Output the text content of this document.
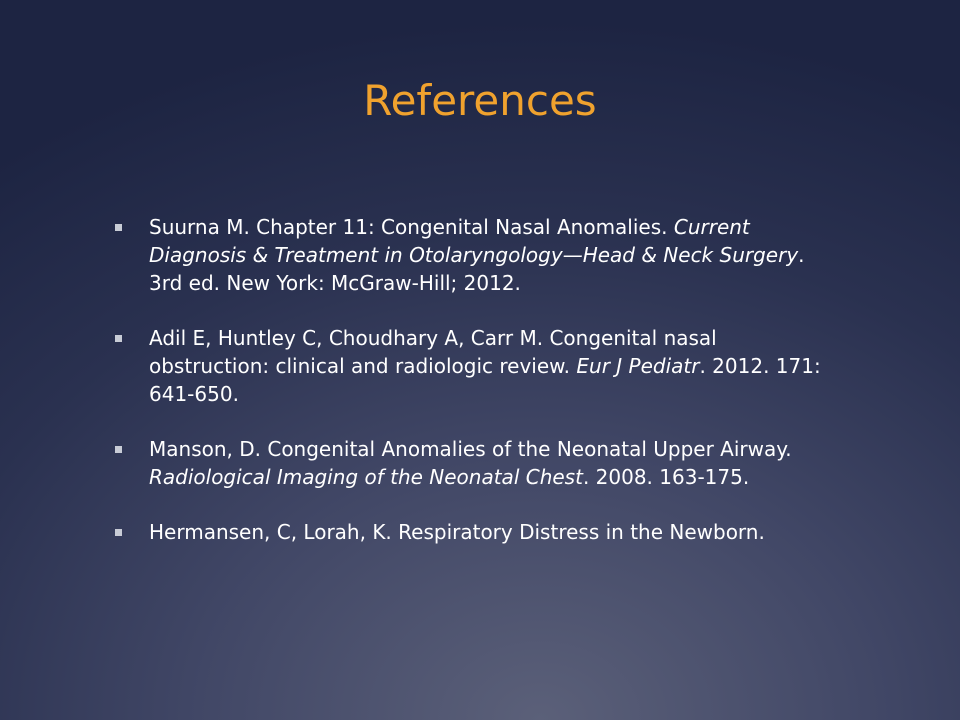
References
Suurna M. Chapter 11: Congenital Nasal Anomalies. Current Diagnosis & Treatment in Otolaryngology—Head & Neck Surgery. 3rd ed. New York: McGraw-Hill; 2012.
Adil E, Huntley C, Choudhary A, Carr M. Congenital nasal obstruction: clinical and radiologic review. Eur J Pediatr. 2012. 171: 641-650.
Manson, D. Congenital Anomalies of the Neonatal Upper Airway. Radiological Imaging of the Neonatal Chest. 2008. 163-175.
Hermansen, C, Lorah, K. Respiratory Distress in the Newborn.
